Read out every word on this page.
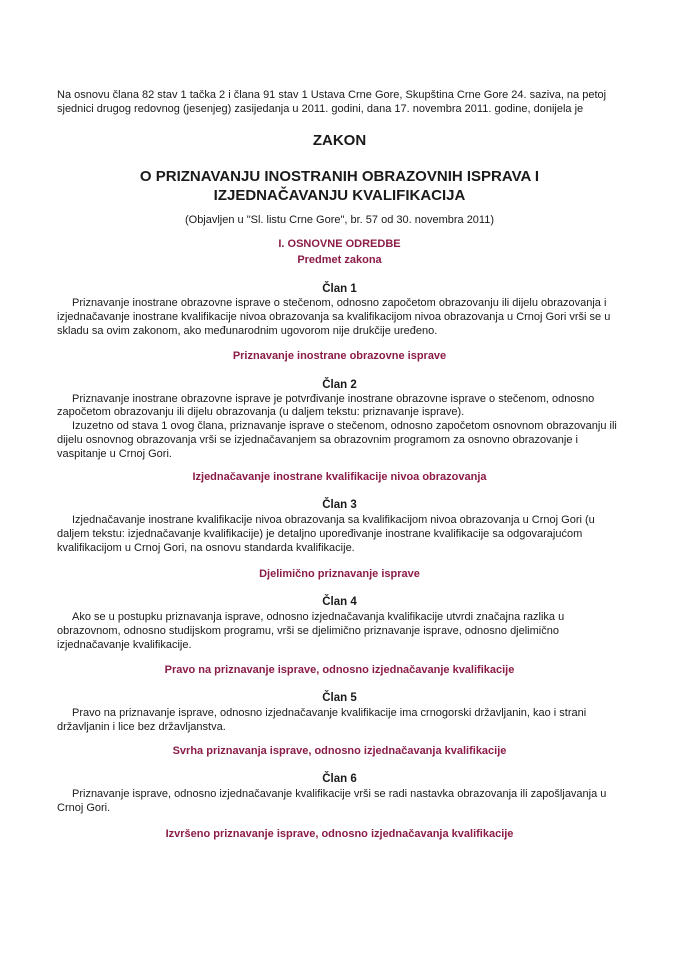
Na osnovu člana 82 stav 1 tačka 2 i člana 91 stav 1 Ustava Crne Gore, Skupština Crne Gore 24. saziva, na petoj
sjednici drugog redovnog (jesenjeg) zasijedanja u 2011. godini, dana 17. novembra 2011. godine, donijela je
ZAKON
O PRIZNAVANJU INOSTRANIH OBRAZOVNIH ISPRAVA I
IZJEDNAČAVANJU KVALIFIKACIJA
(Objavljen u "Sl. listu Crne Gore", br. 57 od 30. novembra 2011)
I. OSNOVNE ODREDBE
Predmet zakona
Član 1
Priznavanje inostrane obrazovne isprave o stečenom, odnosno započetom obrazovanju ili dijelu obrazovanja i
izjednačavanje inostrane kvalifikacije nivoa obrazovanja sa kvalifikacijom nivoa obrazovanja u Crnoj Gori vrši se u
skladu sa ovim zakonom, ako međunarodnim ugovorom nije drukčije uređeno.
Priznavanje inostrane obrazovne isprave
Član 2
Priznavanje inostrane obrazovne isprave je potvrđivanje inostrane obrazovne isprave o stečenom, odnosno
započetom obrazovanju ili dijelu obrazovanja (u daljem tekstu: priznavanje isprave).
Izuzetno od stava 1 ovog člana, priznavanje isprave o stečenom, odnosno započetom osnovnom obrazovanju ili
dijelu osnovnog obrazovanja vrši se izjednačavanjem sa obrazovnim programom za osnovno obrazovanje i
vaspitanje u Crnoj Gori.
Izjednačavanje inostrane kvalifikacije nivoa obrazovanja
Član 3
Izjednačavanje inostrane kvalifikacije nivoa obrazovanja sa kvalifikacijom nivoa obrazovanja u Crnoj Gori (u
daljem tekstu: izjednačavanje kvalifikacije) je detaljno upoređivanje inostrane kvalifikacije sa odgovarajućom
kvalifikacijom u Crnoj Gori, na osnovu standarda kvalifikacije.
Djelimično priznavanje isprave
Član 4
Ako se u postupku priznavanja isprave, odnosno izjednačavanja kvalifikacije utvrdi značajna razlika u
obrazovnom, odnosno studijskom programu, vrši se djelimično priznavanje isprave, odnosno djelimično
izjednačavanje kvalifikacije.
Pravo na priznavanje isprave, odnosno izjednačavanje kvalifikacije
Član 5
Pravo na priznavanje isprave, odnosno izjednačavanje kvalifikacije ima crnogorski državljanin, kao i strani
državljanin i lice bez državljanstva.
Svrha priznavanja isprave, odnosno izjednačavanja kvalifikacije
Član 6
Priznavanje isprave, odnosno izjednačavanje kvalifikacije vrši se radi nastavka obrazovanja ili zapošljavanja u
Crnoj Gori.
Izvršeno priznavanje isprave, odnosno izjednačavanja kvalifikacije
